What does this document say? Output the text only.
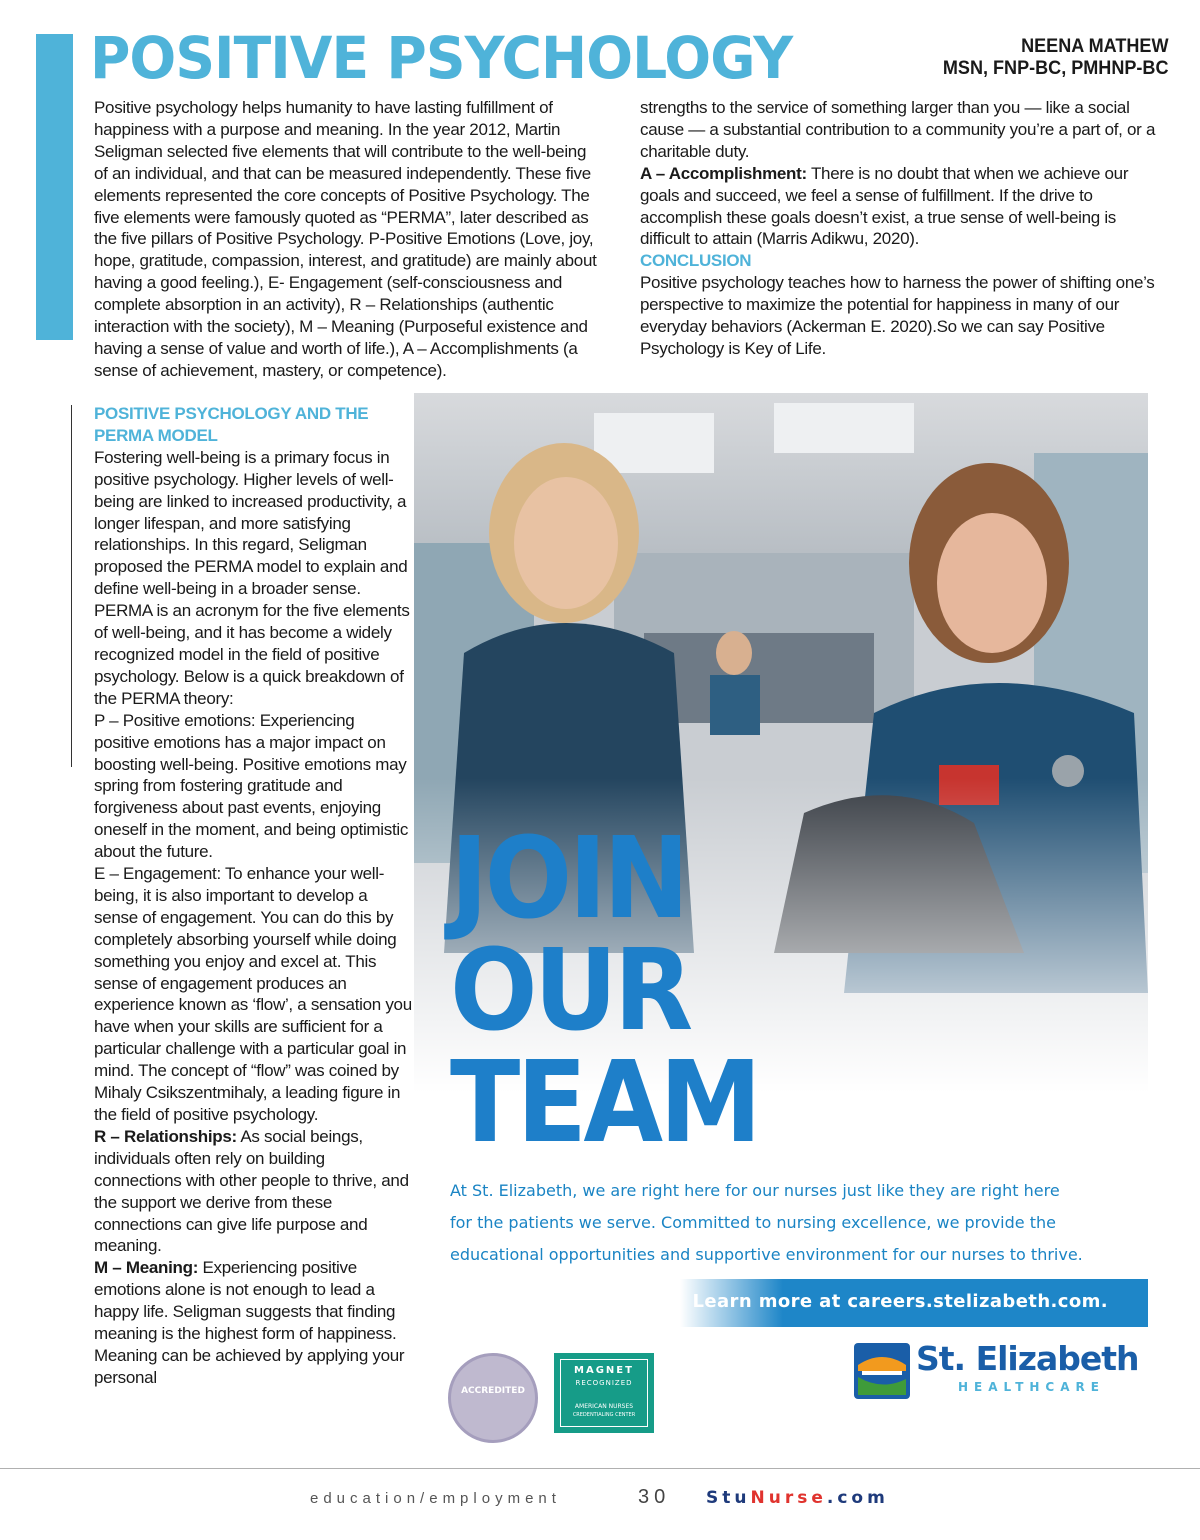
POSITIVE PSYCHOLOGY	NEENA MATHEW
MSN, FNP-BC, PMHNP-BC

Positive psychology helps humanity to have lasting fulfillment of happiness with a purpose and meaning. In the year 2012, Martin Seligman selected five elements that will contribute to the well-being of an individual, and that can be measured independently. These five elements represented the core concepts of Positive Psychology. The five elements were famously quoted as “PERMA”, later described as the five pillars of Positive Psychology. P-Positive Emotions (Love, joy, hope, gratitude, compassion, interest, and gratitude) are mainly about having a good feeling.), E- Engagement (self-consciousness and complete absorption in an activity), R – Relationships (authentic interaction with the society), M – Meaning (Purposeful existence and having a sense of value and worth of life.), A – Accomplishments (a sense of achievement, mastery, or competence).

strengths to the service of something larger than you — like a social cause — a substantial contribution to a community you’re a part of, or a charitable duty.

A – Accomplishment: There is no doubt that when we achieve our goals and succeed, we feel a sense of fulfillment. If the drive to accomplish these goals doesn’t exist, a true sense of well-being is difficult to attain (Marris Adikwu, 2020).

CONCLUSION

Positive psychology teaches how to harness the power of shifting one’s perspective to maximize the potential for happiness in many of our everyday behaviors (Ackerman E. 2020).So we can say Positive Psychology is Key of Life.

POSITIVE PSYCHOLOGY AND THE PERMA MODEL

Fostering well-being is a primary focus in positive psychology. Higher levels of well-being are linked to increased productivity, a longer lifespan, and more satisfying relationships. In this regard, Seligman proposed the PERMA model to explain and define well-being in a broader sense. PERMA is an acronym for the five elements of well-being, and it has become a widely recognized model in the field of positive psychology. Below is a quick breakdown of the PERMA theory:

P – Positive emotions: Experiencing positive emotions has a major impact on boosting well-being. Positive emotions may spring from fostering gratitude and forgiveness about past events, enjoying oneself in the moment, and being optimistic about the future.

E – Engagement: To enhance your well-being, it is also important to develop a sense of engagement. You can do this by completely absorbing yourself while doing something you enjoy and excel at. This sense of engagement produces an experience known as ‘flow’, a sensation you have when your skills are sufficient for a particular challenge with a particular goal in mind. The concept of “flow” was coined by Mihaly Csikszentmihaly, a leading figure in the field of positive psychology.

R – Relationships: As social beings, individuals often rely on building connections with other people to thrive, and the support we derive from these connections can give life purpose and meaning.

M – Meaning: Experiencing positive emotions alone is not enough to lead a happy life. Seligman suggests that finding meaning is the highest form of happiness. Meaning can be achieved by applying your personal

JOIN
OUR
TEAM
At St. Elizabeth, we are right here for our nurses just like they are right here
for the patients we serve. Committed to nursing excellence, we provide the
educational opportunities and supportive environment for our nurses to thrive.
Learn more at careers.stelizabeth.com.
ACCREDITED
MAGNET
RECOGNIZED
AMERICAN NURSES
CREDENTIALING CENTER
St. Elizabeth
HEALTHCARE
education/employment	30 StuNurse.com
